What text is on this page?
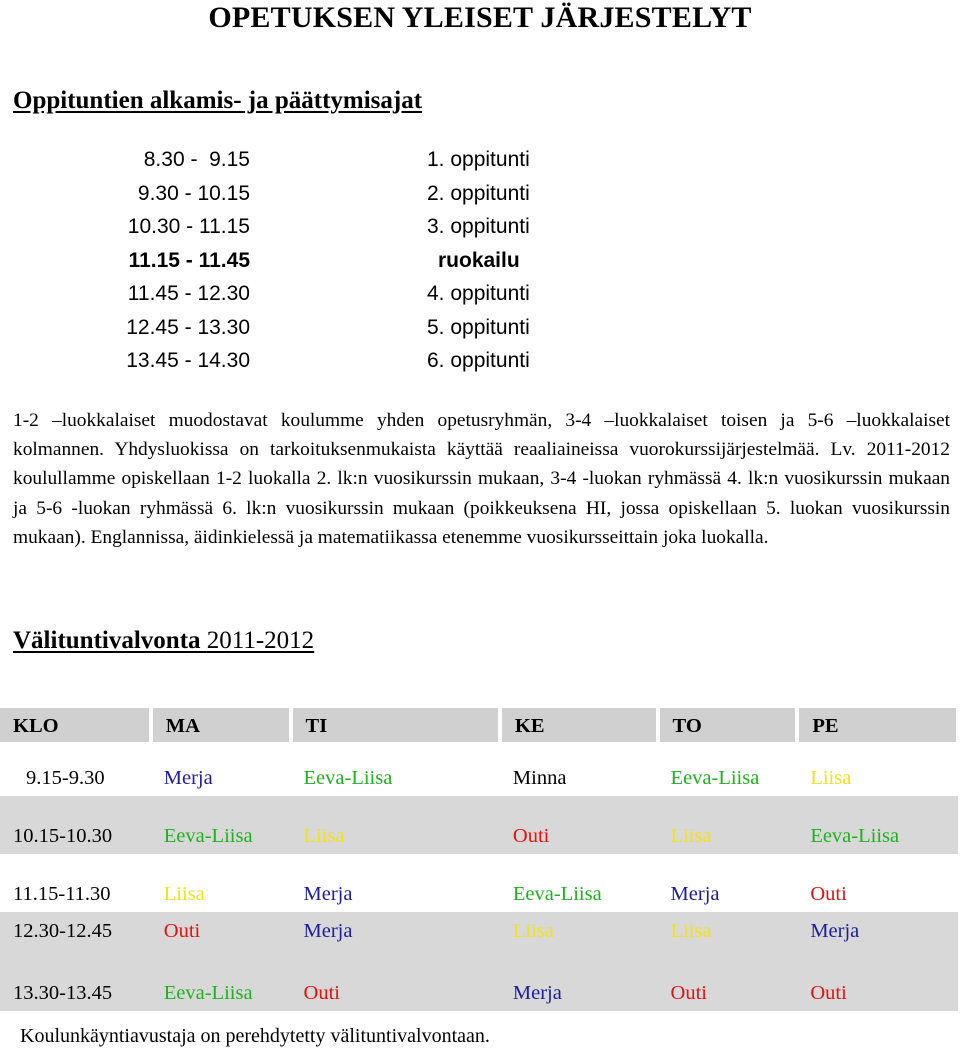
OPETUKSEN YLEISET JÄRJESTELYT
Oppituntien alkamis- ja päättymisajat
8.30 -  9.15	1. oppitunti
9.30 - 10.15	2. oppitunti
10.30 - 11.15	3. oppitunti
11.15 - 11.45	ruokailu
11.45 - 12.30	4. oppitunti
12.45 - 13.30	5. oppitunti
13.45 - 14.30	6. oppitunti
1-2 –luokkalaiset muodostavat koulumme yhden opetusryhmän, 3-4 –luokkalaiset toisen ja 5-6 –luokkalaiset kolmannen. Yhdysluokissa on tarkoituksenmukaista käyttää reaaliaineissa vuorokurssijärjestelmää. Lv. 2011-2012 koulullamme opiskellaan 1-2 luokalla 2. lk:n vuosikurssin mukaan, 3-4 -luokan ryhmässä 4. lk:n vuosikurssin mukaan ja 5-6 -luokan ryhmässä 6. lk:n vuosikurssin mukaan (poikkeuksena HI, jossa opiskellaan 5. luokan vuosikurssin mukaan). Englannissa, äidinkielessä ja matematiikassa etenemme vuosikursseittain joka luokalla.
Välituntivalvonta 2011-2012
KLO	MA	TI	KE	TO	PE
9.15-9.30	Merja	Eeva-Liisa	Minna	Eeva-Liisa	Liisa
10.15-10.30	Eeva-Liisa	Liisa	Outi	Liisa	Eeva-Liisa
11.15-11.30	Liisa	Merja	Eeva-Liisa	Merja	Outi
12.30-12.45	Outi	Merja	Liisa	Liisa	Merja
13.30-13.45	Eeva-Liisa	Outi	Merja	Outi	Outi
Koulunkäyntiavustaja on perehdytetty välituntivalvontaan.
